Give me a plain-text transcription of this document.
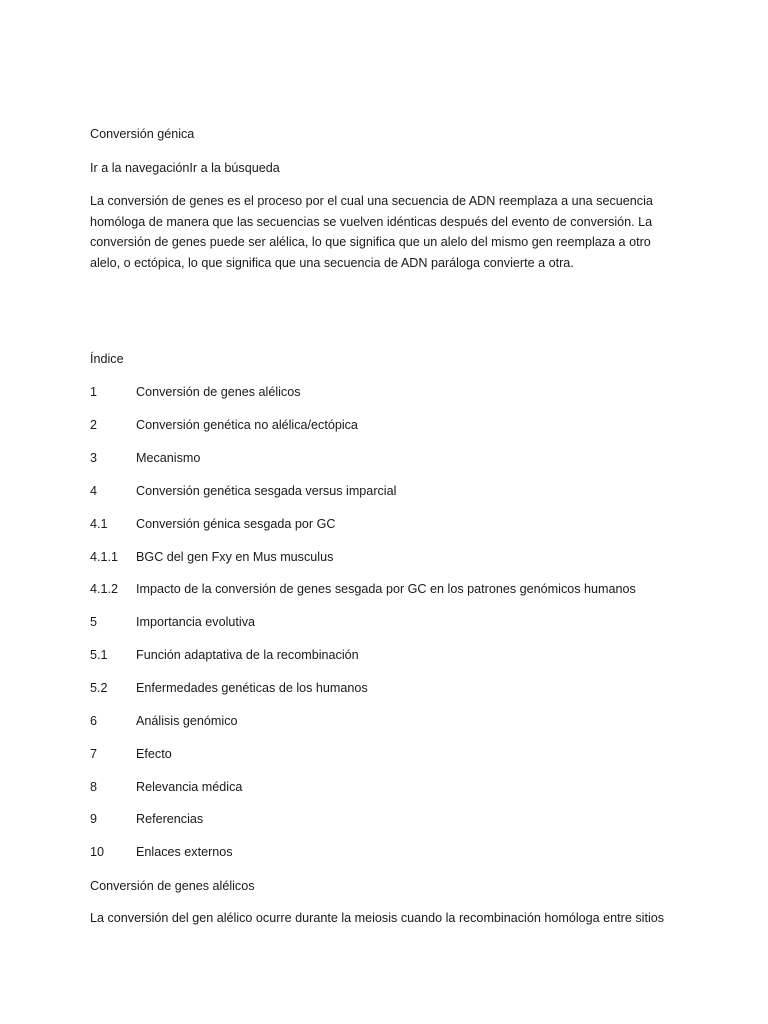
Conversión génica
Ir a la navegaciónIr a la búsqueda
La conversión de genes es el proceso por el cual una secuencia de ADN reemplaza a una secuencia homóloga de manera que las secuencias se vuelven idénticas después del evento de conversión. La conversión de genes puede ser alélica, lo que significa que un alelo del mismo gen reemplaza a otro alelo, o ectópica, lo que significa que una secuencia de ADN paráloga convierte a otra.
Índice
1	Conversión de genes alélicos
2	Conversión genética no alélica/ectópica
3	Mecanismo
4	Conversión genética sesgada versus imparcial
4.1 Conversión génica sesgada por GC
4.1.1 BGC del gen Fxy en Mus musculus
4.1.2 Impacto de la conversión de genes sesgada por GC en los patrones genómicos humanos
5	Importancia evolutiva
5.1 Función adaptativa de la recombinación
5.2 Enfermedades genéticas de los humanos
6	Análisis genómico
7	Efecto
8	Relevancia médica
9	Referencias
10	Enlaces externos
Conversión de genes alélicos
La conversión del gen alélico ocurre durante la meiosis cuando la recombinación homóloga entre sitios
